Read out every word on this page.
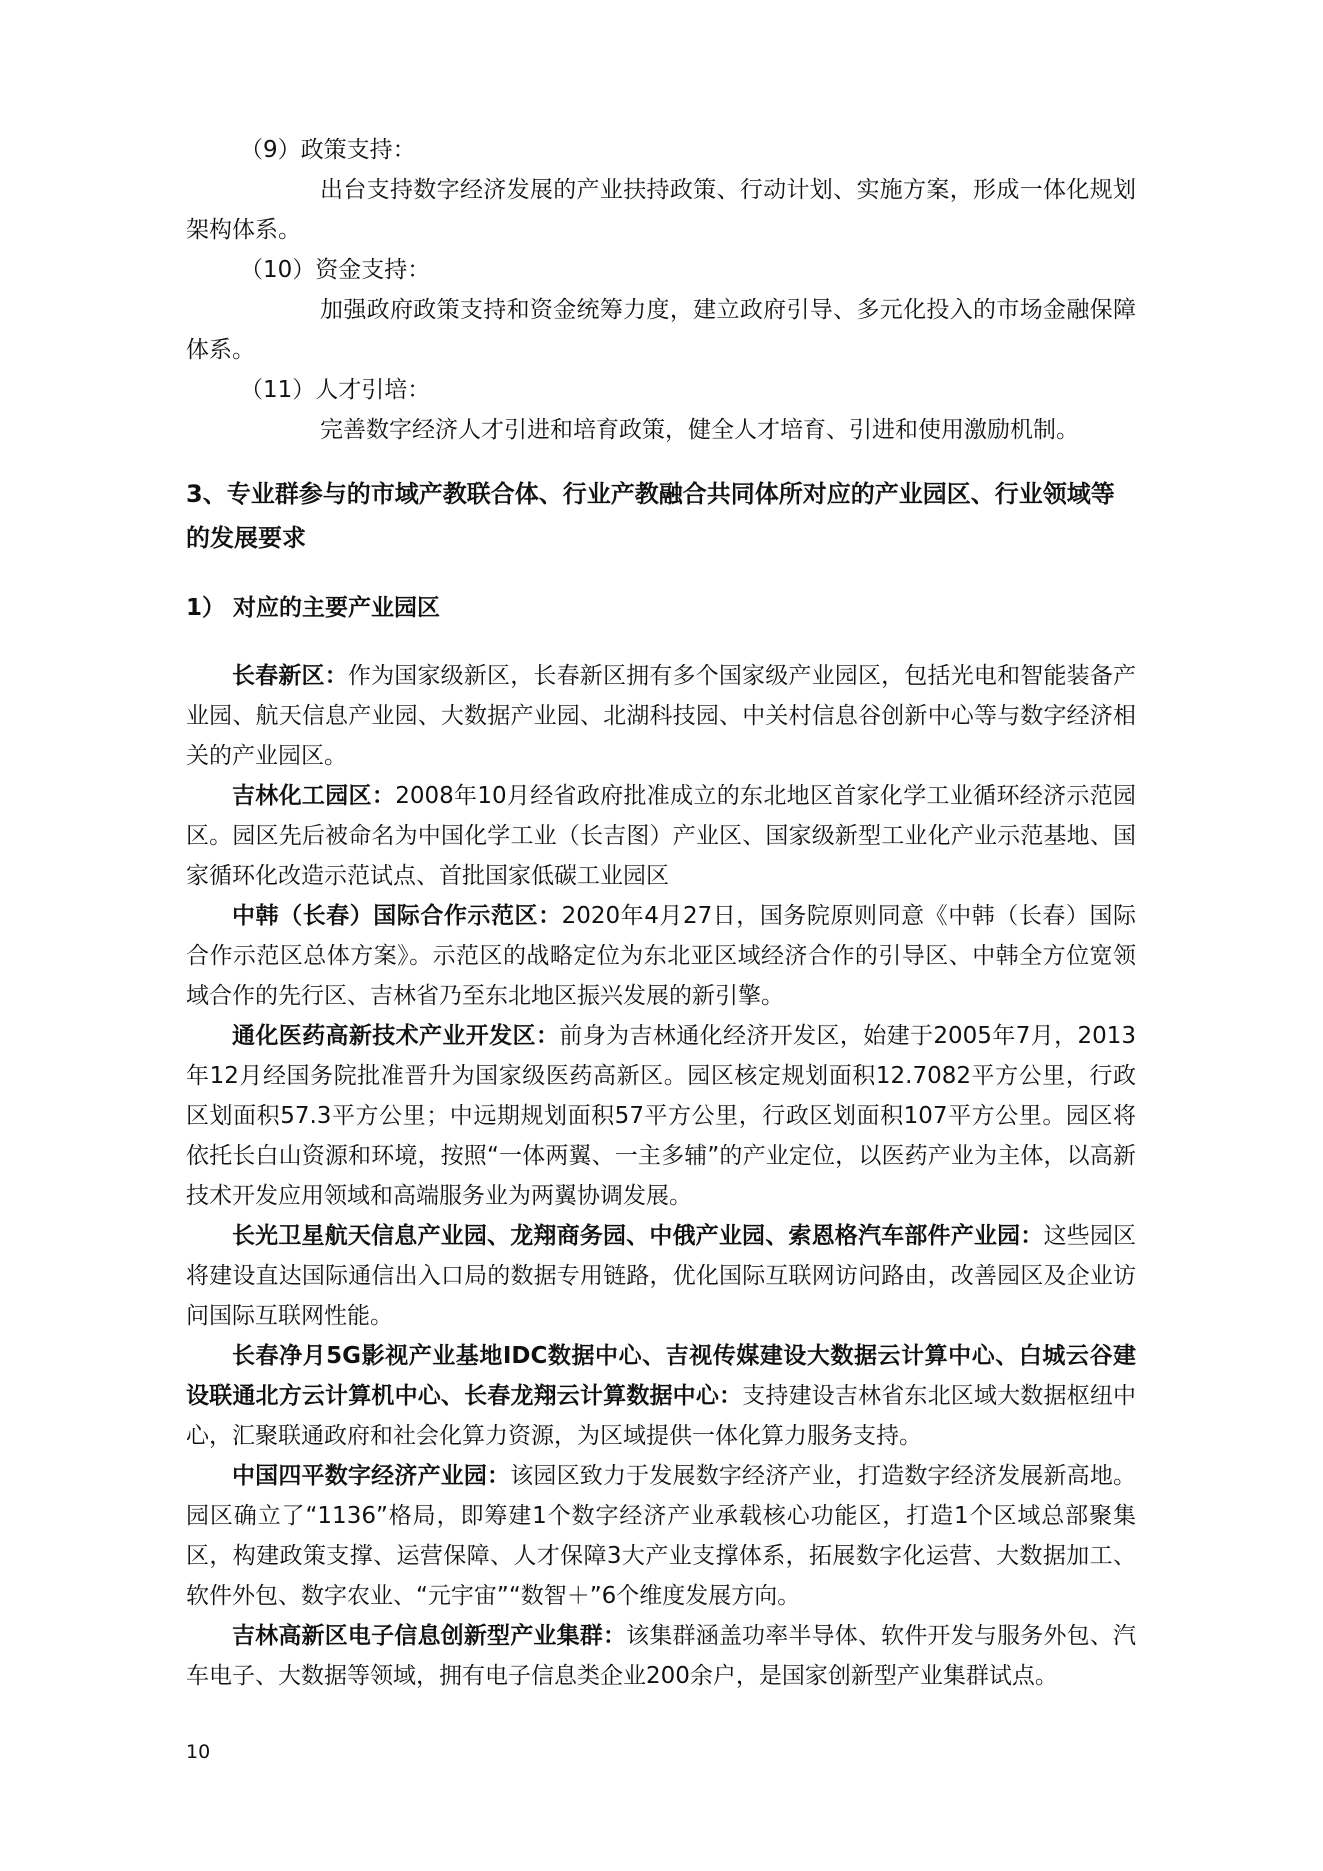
（9）政策支持：
出台支持数字经济发展的产业扶持政策、行动计划、实施方案，形成一体化规划架构体系。
（10）资金支持：
加强政府政策支持和资金统筹力度，建立政府引导、多元化投入的市场金融保障体系。
（11）人才引培：
完善数字经济人才引进和培育政策，健全人才培育、引进和使用激励机制。
3、专业群参与的市域产教联合体、行业产教融合共同体所对应的产业园区、行业领域等的发展要求
1） 对应的主要产业园区
长春新区：作为国家级新区，长春新区拥有多个国家级产业园区，包括光电和智能装备产业园、航天信息产业园、大数据产业园、北湖科技园、中关村信息谷创新中心等与数字经济相关的产业园区。
吉林化工园区：2008年10月经省政府批准成立的东北地区首家化学工业循环经济示范园区。园区先后被命名为中国化学工业（长吉图）产业区、国家级新型工业化产业示范基地、国家循环化改造示范试点、首批国家低碳工业园区
中韩（长春）国际合作示范区：2020年4月27日，国务院原则同意《中韩（长春）国际合作示范区总体方案》。示范区的战略定位为东北亚区域经济合作的引导区、中韩全方位宽领域合作的先行区、吉林省乃至东北地区振兴发展的新引擎。
通化医药高新技术产业开发区：前身为吉林通化经济开发区，始建于2005年7月，2013年12月经国务院批准晋升为国家级医药高新区。园区核定规划面积12.7082平方公里，行政区划面积57.3平方公里；中远期规划面积57平方公里，行政区划面积107平方公里。园区将依托长白山资源和环境，按照“一体两翼、一主多辅”的产业定位，以医药产业为主体，以高新技术开发应用领域和高端服务业为两翼协调发展。
长光卫星航天信息产业园、龙翔商务园、中俄产业园、索恩格汽车部件产业园：这些园区将建设直达国际通信出入口局的数据专用链路，优化国际互联网访问路由，改善园区及企业访问国际互联网性能。
长春净月5G影视产业基地IDC数据中心、吉视传媒建设大数据云计算中心、白城云谷建设联通北方云计算机中心、长春龙翔云计算数据中心：支持建设吉林省东北区域大数据枢纽中心，汇聚联通政府和社会化算力资源，为区域提供一体化算力服务支持。
中国四平数字经济产业园：该园区致力于发展数字经济产业，打造数字经济发展新高地。园区确立了“1136”格局，即筹建1个数字经济产业承载核心功能区，打造1个区域总部聚集区，构建政策支撑、运营保障、人才保障3大产业支撑体系，拓展数字化运营、大数据加工、软件外包、数字农业、“元宇宙”“数智＋”6个维度发展方向。
吉林高新区电子信息创新型产业集群：该集群涵盖功率半导体、软件开发与服务外包、汽车电子、大数据等领域，拥有电子信息类企业200余户，是国家创新型产业集群试点。
10
